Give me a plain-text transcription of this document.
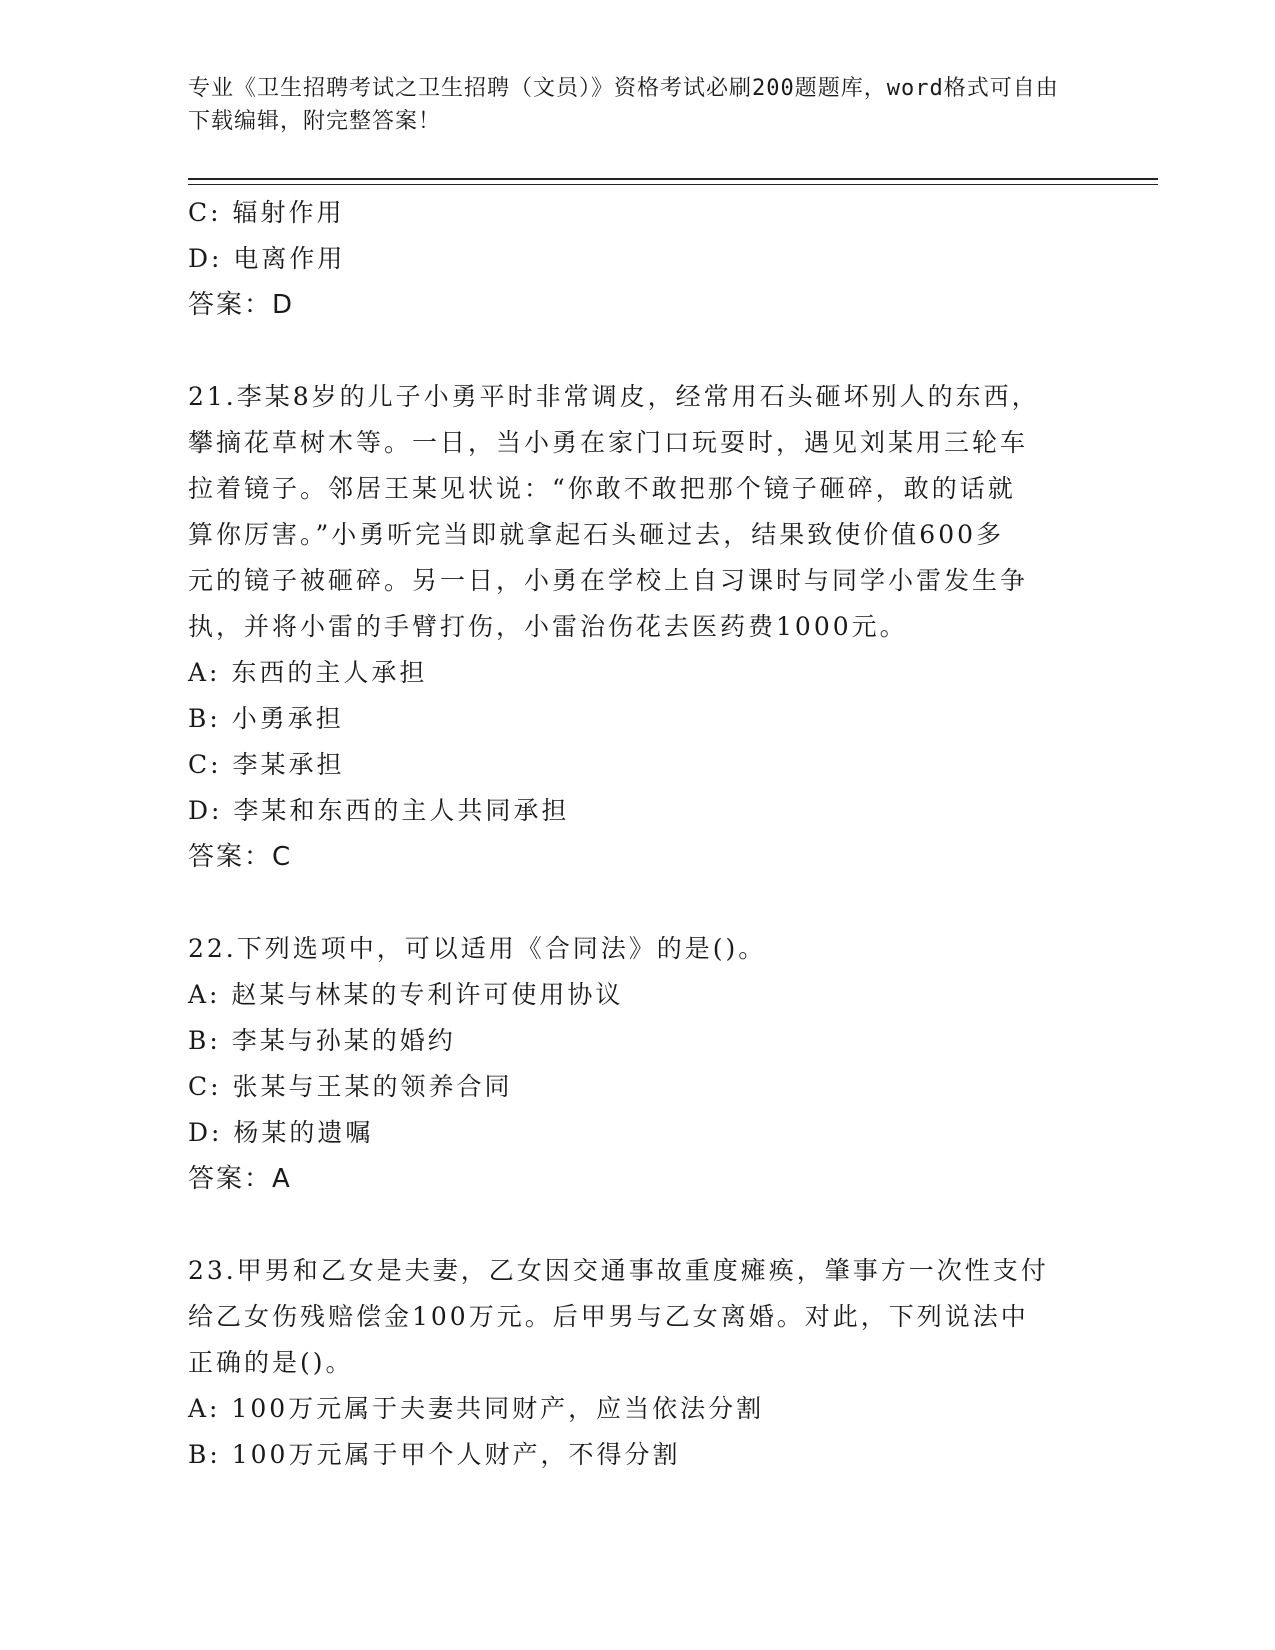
专业《卫生招聘考试之卫生招聘（文员）》资格考试必刷200题题库，word格式可自由下载编辑，附完整答案！
C: 辐射作用
D: 电离作用
答案：D
21.李某8岁的儿子小勇平时非常调皮，经常用石头砸坏别人的东西，
攀摘花草树木等。一日，当小勇在家门口玩耍时，遇见刘某用三轮车
拉着镜子。邻居王某见状说：“你敢不敢把那个镜子砸碎，敢的话就
算你厉害。”小勇听完当即就拿起石头砸过去，结果致使价值600多
元的镜子被砸碎。另一日，小勇在学校上自习课时与同学小雷发生争
执，并将小雷的手臂打伤，小雷治伤花去医药费1000元。
A: 东西的主人承担
B: 小勇承担
C: 李某承担
D: 李某和东西的主人共同承担
答案：C
22.下列选项中，可以适用《合同法》的是()。
A: 赵某与林某的专利许可使用协议
B: 李某与孙某的婚约
C: 张某与王某的领养合同
D: 杨某的遗嘱
答案：A
23.甲男和乙女是夫妻，乙女因交通事故重度瘫痪，肇事方一次性支付
给乙女伤残赔偿金100万元。后甲男与乙女离婚。对此，下列说法中
正确的是()。
A: 100万元属于夫妻共同财产，应当依法分割
B: 100万元属于甲个人财产，不得分割
